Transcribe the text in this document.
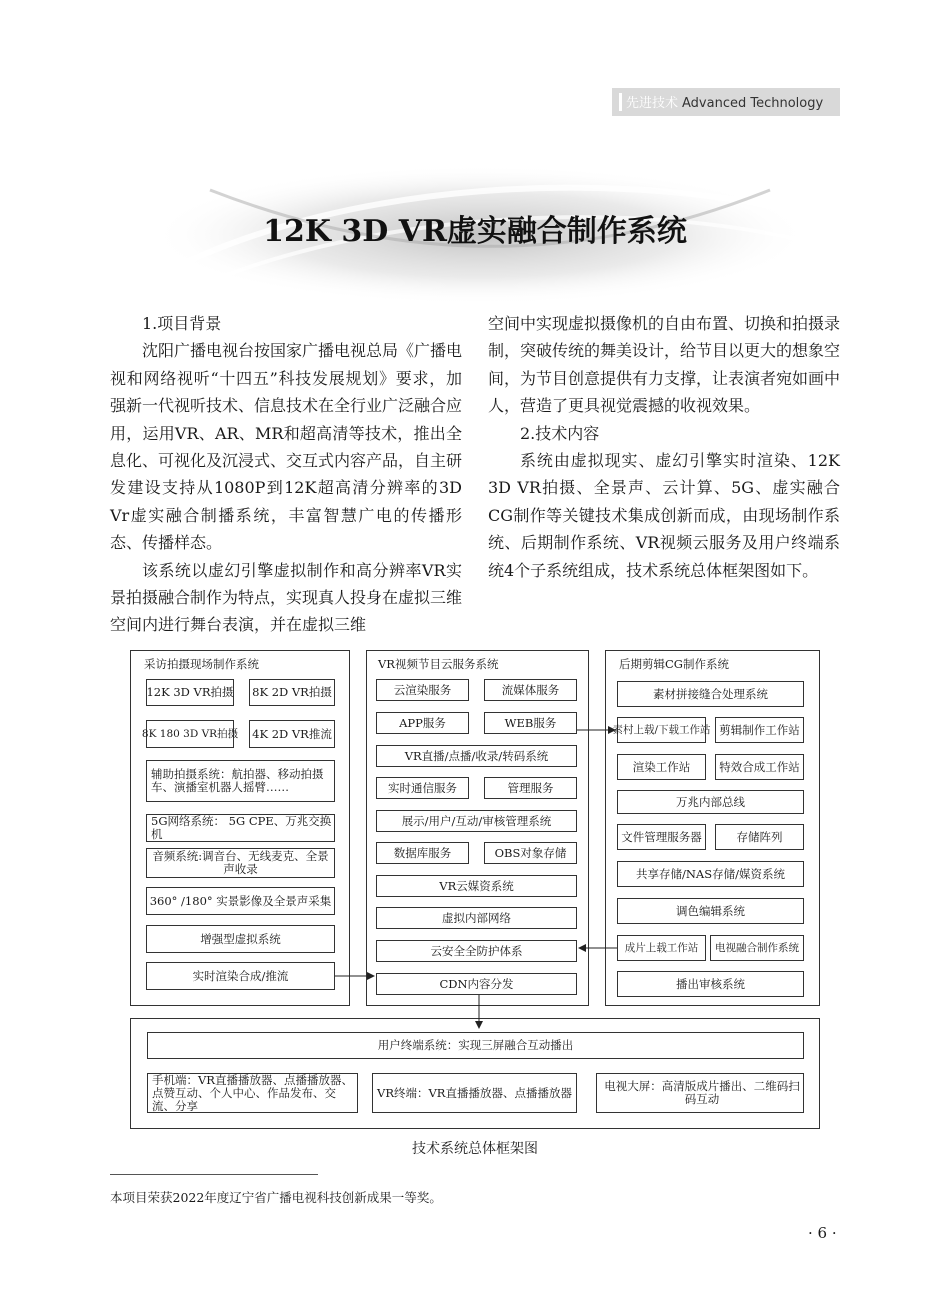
先进技术 Advanced Technology
12K 3D VR虚实融合制作系统

1.项目背景

沈阳广播电视台按国家广播电视总局《广播电视和网络视听“十四五”科技发展规划》要求，加强新一代视听技术、信息技术在全行业广泛融合应用，运用VR、AR、MR和超高清等技术，推出全息化、可视化及沉浸式、交互式内容产品，自主研发建设支持从1080P到12K超高清分辨率的3D Vr虚实融合制播系统，丰富智慧广电的传播形态、传播样态。

该系统以虚幻引擎虚拟制作和高分辨率VR实景拍摄融合制作为特点，实现真人投身在虚拟三维空间内进行舞台表演，并在虚拟三维

空间中实现虚拟摄像机的自由布置、切换和拍摄录制，突破传统的舞美设计，给节目以更大的想象空间，为节目创意提供有力支撑，让表演者宛如画中人，营造了更具视觉震撼的收视效果。

2.技术内容

系统由虚拟现实、虚幻引擎实时渲染、12K 3D VR拍摄、全景声、云计算、5G、虚实融合CG制作等关键技术集成创新而成，由现场制作系统、后期制作系统、VR视频云服务及用户终端系统4个子系统组成，技术系统总体框架图如下。

采访拍摄现场制作系统
12K 3D VR拍摄 8K 2D VR拍摄
8K 180 3D VR拍摄 4K 2D VR推流
辅助拍摄系统：航拍器、移动拍摄车、演播室机器人摇臂……
5G网络系统： 5G CPE、万兆交换机
音频系统:调音台、无线麦克、全景声收录
360° /180° 实景影像及全景声采集
增强型虚拟系统
实时渲染合成/推流
VR视频节目云服务系统
云渲染服务	流媒体服务
APP服务	WEB服务
VR直播/点播/收录/转码系统
实时通信服务	管理服务
展示/用户/互动/审核管理系统
数据库服务	OBS对象存储
VR云媒资系统
虚拟内部网络
云安全全防护体系
CDN内容分发
后期剪辑CG制作系统
素材拼接缝合处理系统
素村上载/下载工作站 剪辑制作工作站
渲染工作站	特效合成工作站
万兆内部总线
文件管理服务器	存储阵列
共享存储/NAS存储/媒资系统
调色编辑系统
成片上载工作站	电视融合制作系统
播出审核系统
用户终端系统：实现三屏融合互动播出
手机端：VR直播播放器、点播播放器、点赞互动、个人中心、作品发布、交流、分享
VR终端：VR直播播放器、点播播放器	电视大屏：高清版成片播出、二维码扫码互动
技术系统总体框架图
本项目荣获2022年度辽宁省广播电视科技创新成果一等奖。
· 6 ·
